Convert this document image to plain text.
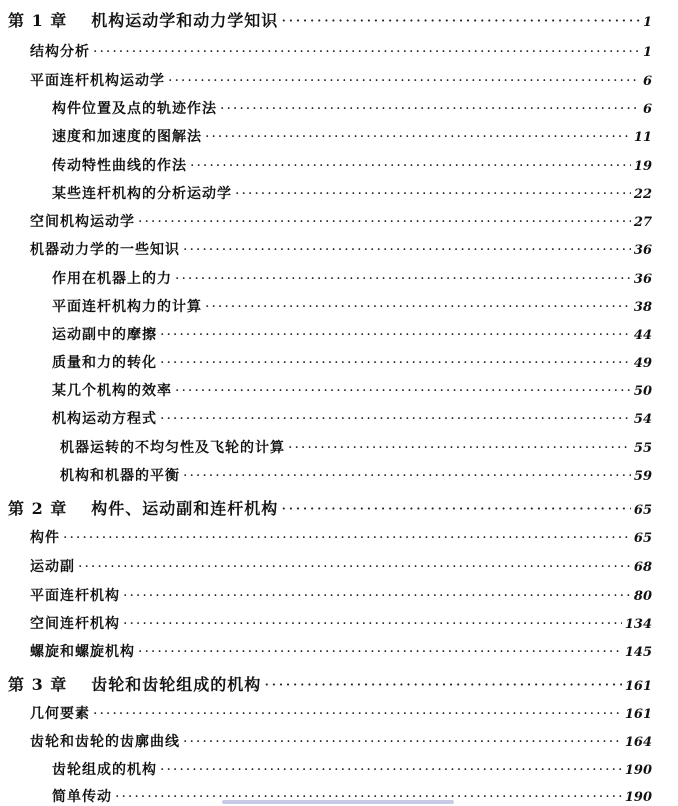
第 1 章 机构运动学和动力学知识 ·····	1
结构分析 ·····	1
平面连杆机构运动学 ·····	6
构件位置及点的轨迹作法 ·····	6
速度和加速度的图解法 ·····	11
传动特性曲线的作法 ·····	19
某些连杆机构的分析运动学 ·····	22
空间机构运动学 ·····	27
机器动力学的一些知识 ·····	36
作用在机器上的力 ·····	36
平面连杆机构力的计算 ·····	38
运动副中的摩擦 ·····	44
质量和力的转化 ·····	49
某几个机构的效率 ·····	50
机构运动方程式 ·····	54
机器运转的不均匀性及飞轮的计算 ·····	55
机构和机器的平衡 ·····	59
第 2 章 构件、运动副和连杆机构 ·····	65
构件 ·····	65
运动副 ·····	68
平面连杆机构 ·····	80
空间连杆机构 ·····	134
螺旋和螺旋机构 ·····	145
第 3 章 齿轮和齿轮组成的机构 ·····	161
几何要素 ·····	161
齿轮和齿轮的齿廓曲线 ·····	164
齿轮组成的机构 ·····	190
简单传动 ·····	190
